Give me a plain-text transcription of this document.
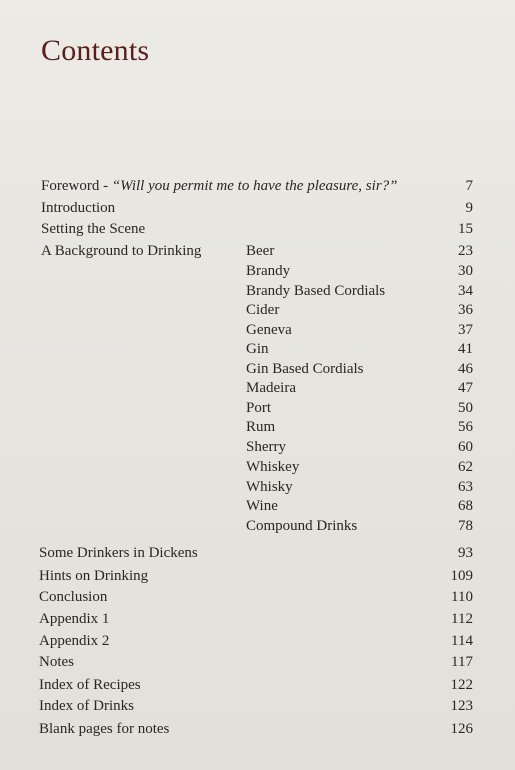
Contents
Foreword - “Will you permit me to have the pleasure, sir?”	7
Introduction	9
Setting the Scene	15
A Background to Drinking	Beer	23
Brandy	30
Brandy Based Cordials	34
Cider	36
Geneva	37
Gin	41
Gin Based Cordials	46
Madeira	47
Port	50
Rum	56
Sherry	60
Whiskey	62
Whisky	63
Wine	68
Compound Drinks	78
Some Drinkers in Dickens	93
Hints on Drinking	109
Conclusion	110
Appendix 1	112
Appendix 2	114
Notes	117
Index of Recipes	122
Index of Drinks	123
Blank pages for notes	126
